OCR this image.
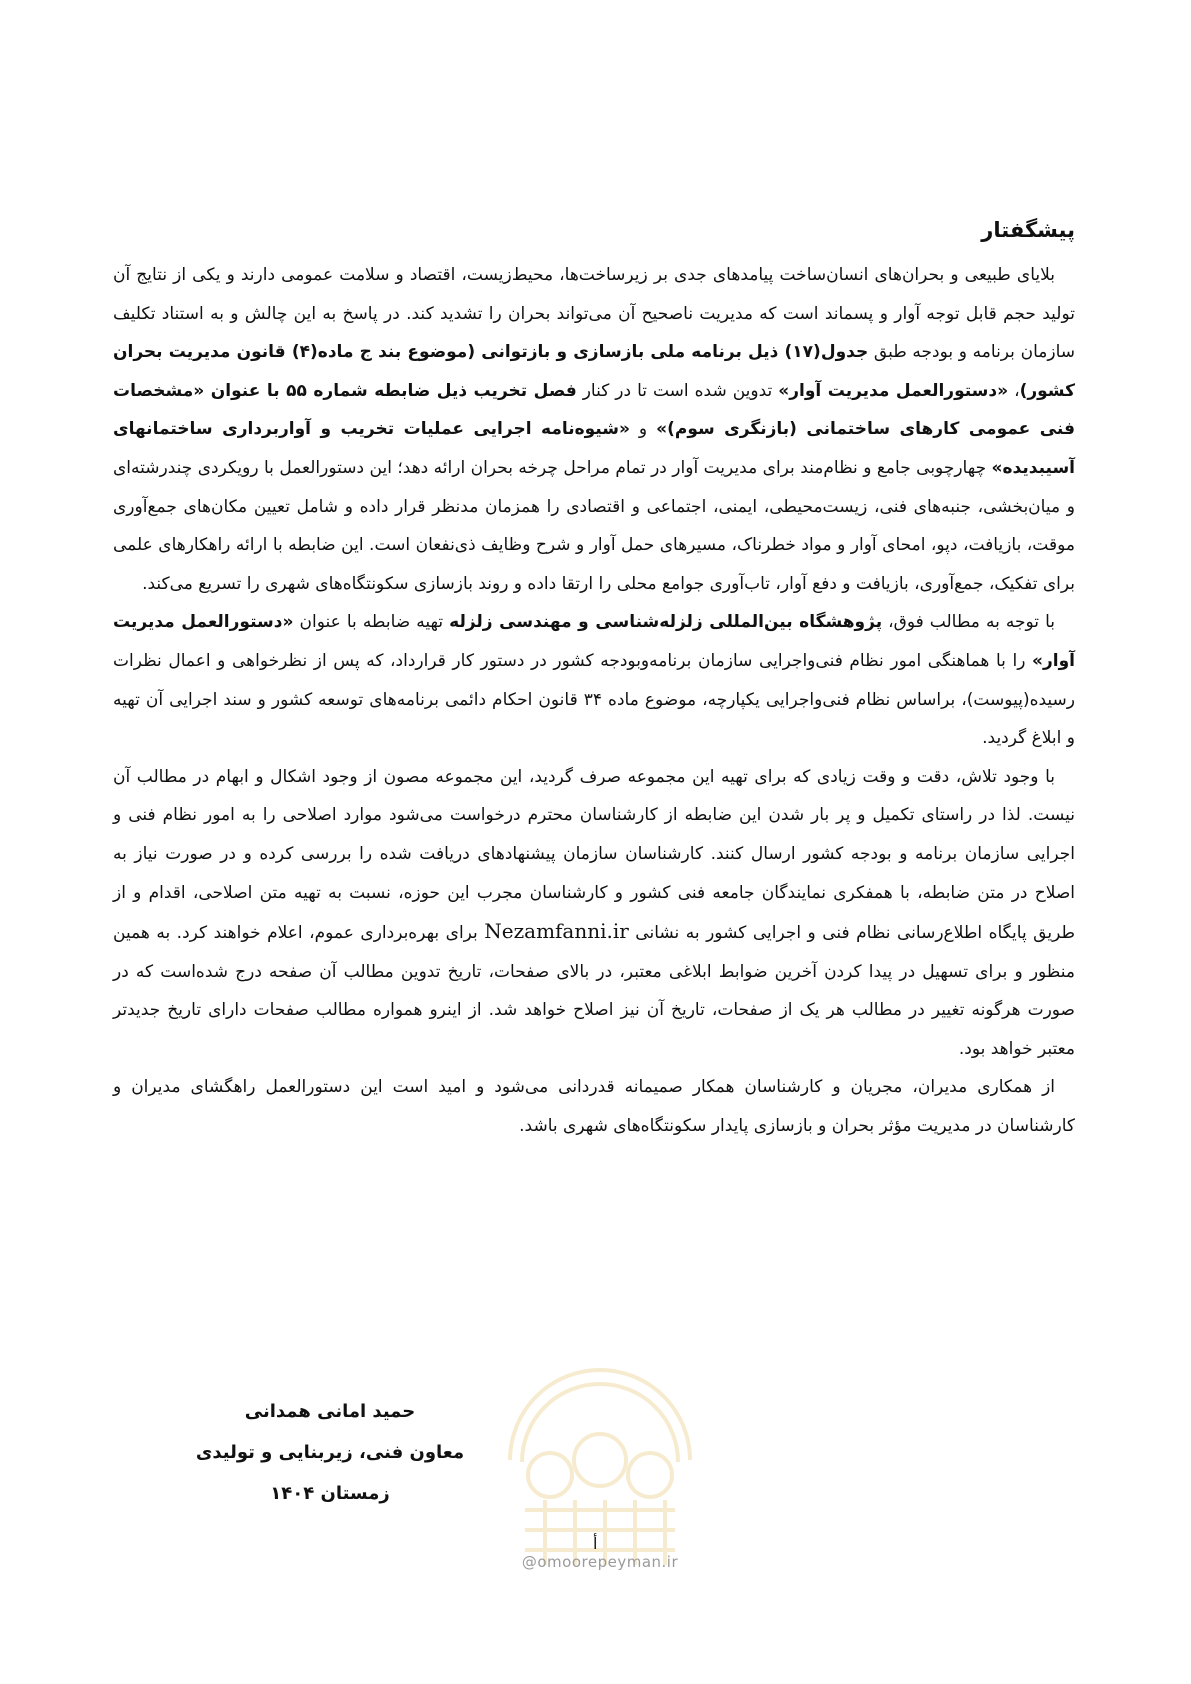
پیشگفتار

بلایای طبیعی و بحران‌های انسان‌ساخت پیامدهای جدی بر زیرساخت‌ها، محیط‌زیست، اقتصاد و سلامت عمومی دارند و یکی از نتایج آن تولید حجم قابل توجه آوار و پسماند است که مدیریت ناصحیح آن می‌تواند بحران را تشدید کند. در پاسخ به این چالش و به استناد تکلیف سازمان برنامه و بودجه طبق جدول(۱۷) ذیل برنامه ملی بازسازی و بازتوانی (موضوع بند ج ماده(۴) قانون مدیریت بحران کشور)، «دستورالعمل مدیریت آوار» تدوین شده است تا در کنار فصل تخریب ذیل ضابطه شماره ۵۵ با عنوان «مشخصات فنی عمومی کارهای ساختمانی (بازنگری سوم)» و «شیوه‌نامه اجرایی عملیات تخریب و آواربرداری ساختمانهای آسیبدیده» چهارچوبی جامع و نظام‌مند برای مدیریت آوار در تمام مراحل چرخه بحران ارائه دهد؛ این دستورالعمل با رویکردی چندرشته‌ای و میان‌بخشی، جنبه‌های فنی، زیست‌محیطی، ایمنی، اجتماعی و اقتصادی را همزمان مدنظر قرار داده و شامل تعیین مکان‌های جمع‌آوری موقت، بازیافت، دپو، امحای آوار و مواد خطرناک، مسیرهای حمل آوار و شرح وظایف ذی‌نفعان است. این ضابطه با ارائه راهکارهای علمی برای تفکیک، جمع‌آوری، بازیافت و دفع آوار، تاب‌آوری جوامع محلی را ارتقا داده و روند بازسازی سکونتگاه‌های شهری را تسریع می‌کند.

با توجه به مطالب فوق، پژوهشگاه بین‌المللی زلزله‌شناسی و مهندسی زلزله تهیه ضابطه با عنوان «دستورالعمل مدیریت آوار» را با هماهنگی امور نظام فنی‌واجرایی سازمان برنامه‌وبودجه کشور در دستور کار قرارداد، که پس از نظرخواهی و اعمال نظرات رسیده(پیوست)، براساس نظام فنی‌واجرایی یکپارچه، موضوع ماده ۳۴ قانون احکام دائمی برنامه‌های توسعه کشور و سند اجرایی آن تهیه و ابلاغ گردید.

با وجود تلاش، دقت و وقت زیادی که برای تهیه این مجموعه صرف گردید، این مجموعه مصون از وجود اشکال و ابهام در مطالب آن نیست. لذا در راستای تکمیل و پر بار شدن این ضابطه از کارشناسان محترم درخواست می‌شود موارد اصلاحی را به امور نظام فنی و اجرایی سازمان برنامه و بودجه کشور ارسال کنند. کارشناسان سازمان پیشنهادهای دریافت شده را بررسی کرده و در صورت نیاز به اصلاح در متن ضابطه، با همفکری نمایندگان جامعه فنی کشور و کارشناسان مجرب این حوزه، نسبت به تهیه متن اصلاحی، اقدام و از طریق پایگاه اطلاع‌رسانی نظام فنی و اجرایی کشور به نشانی Nezamfanni.ir برای بهره‌برداری عموم، اعلام خواهند کرد. به همین منظور و برای تسهیل در پیدا کردن آخرین ضوابط ابلاغی معتبر، در بالای صفحات، تاریخ تدوین مطالب آن صفحه درج شده‌است که در صورت هرگونه تغییر در مطالب هر یک از صفحات، تاریخ آن نیز اصلاح خواهد شد. از اینرو همواره مطالب صفحات دارای تاریخ جدیدتر معتبر خواهد بود.

از همکاری مدیران، مجریان و کارشناسان همکار صمیمانه قدردانی می‌شود و امید است این دستورالعمل راهگشای مدیران و کارشناسان در مدیریت مؤثر بحران و بازسازی پایدار سکونتگاه‌های شهری باشد.

حمید امانی همدانی
معاون فنی، زیربنایی و تولیدی
زمستان ۱۴۰۴
أ
@omoorepeyman.ir
